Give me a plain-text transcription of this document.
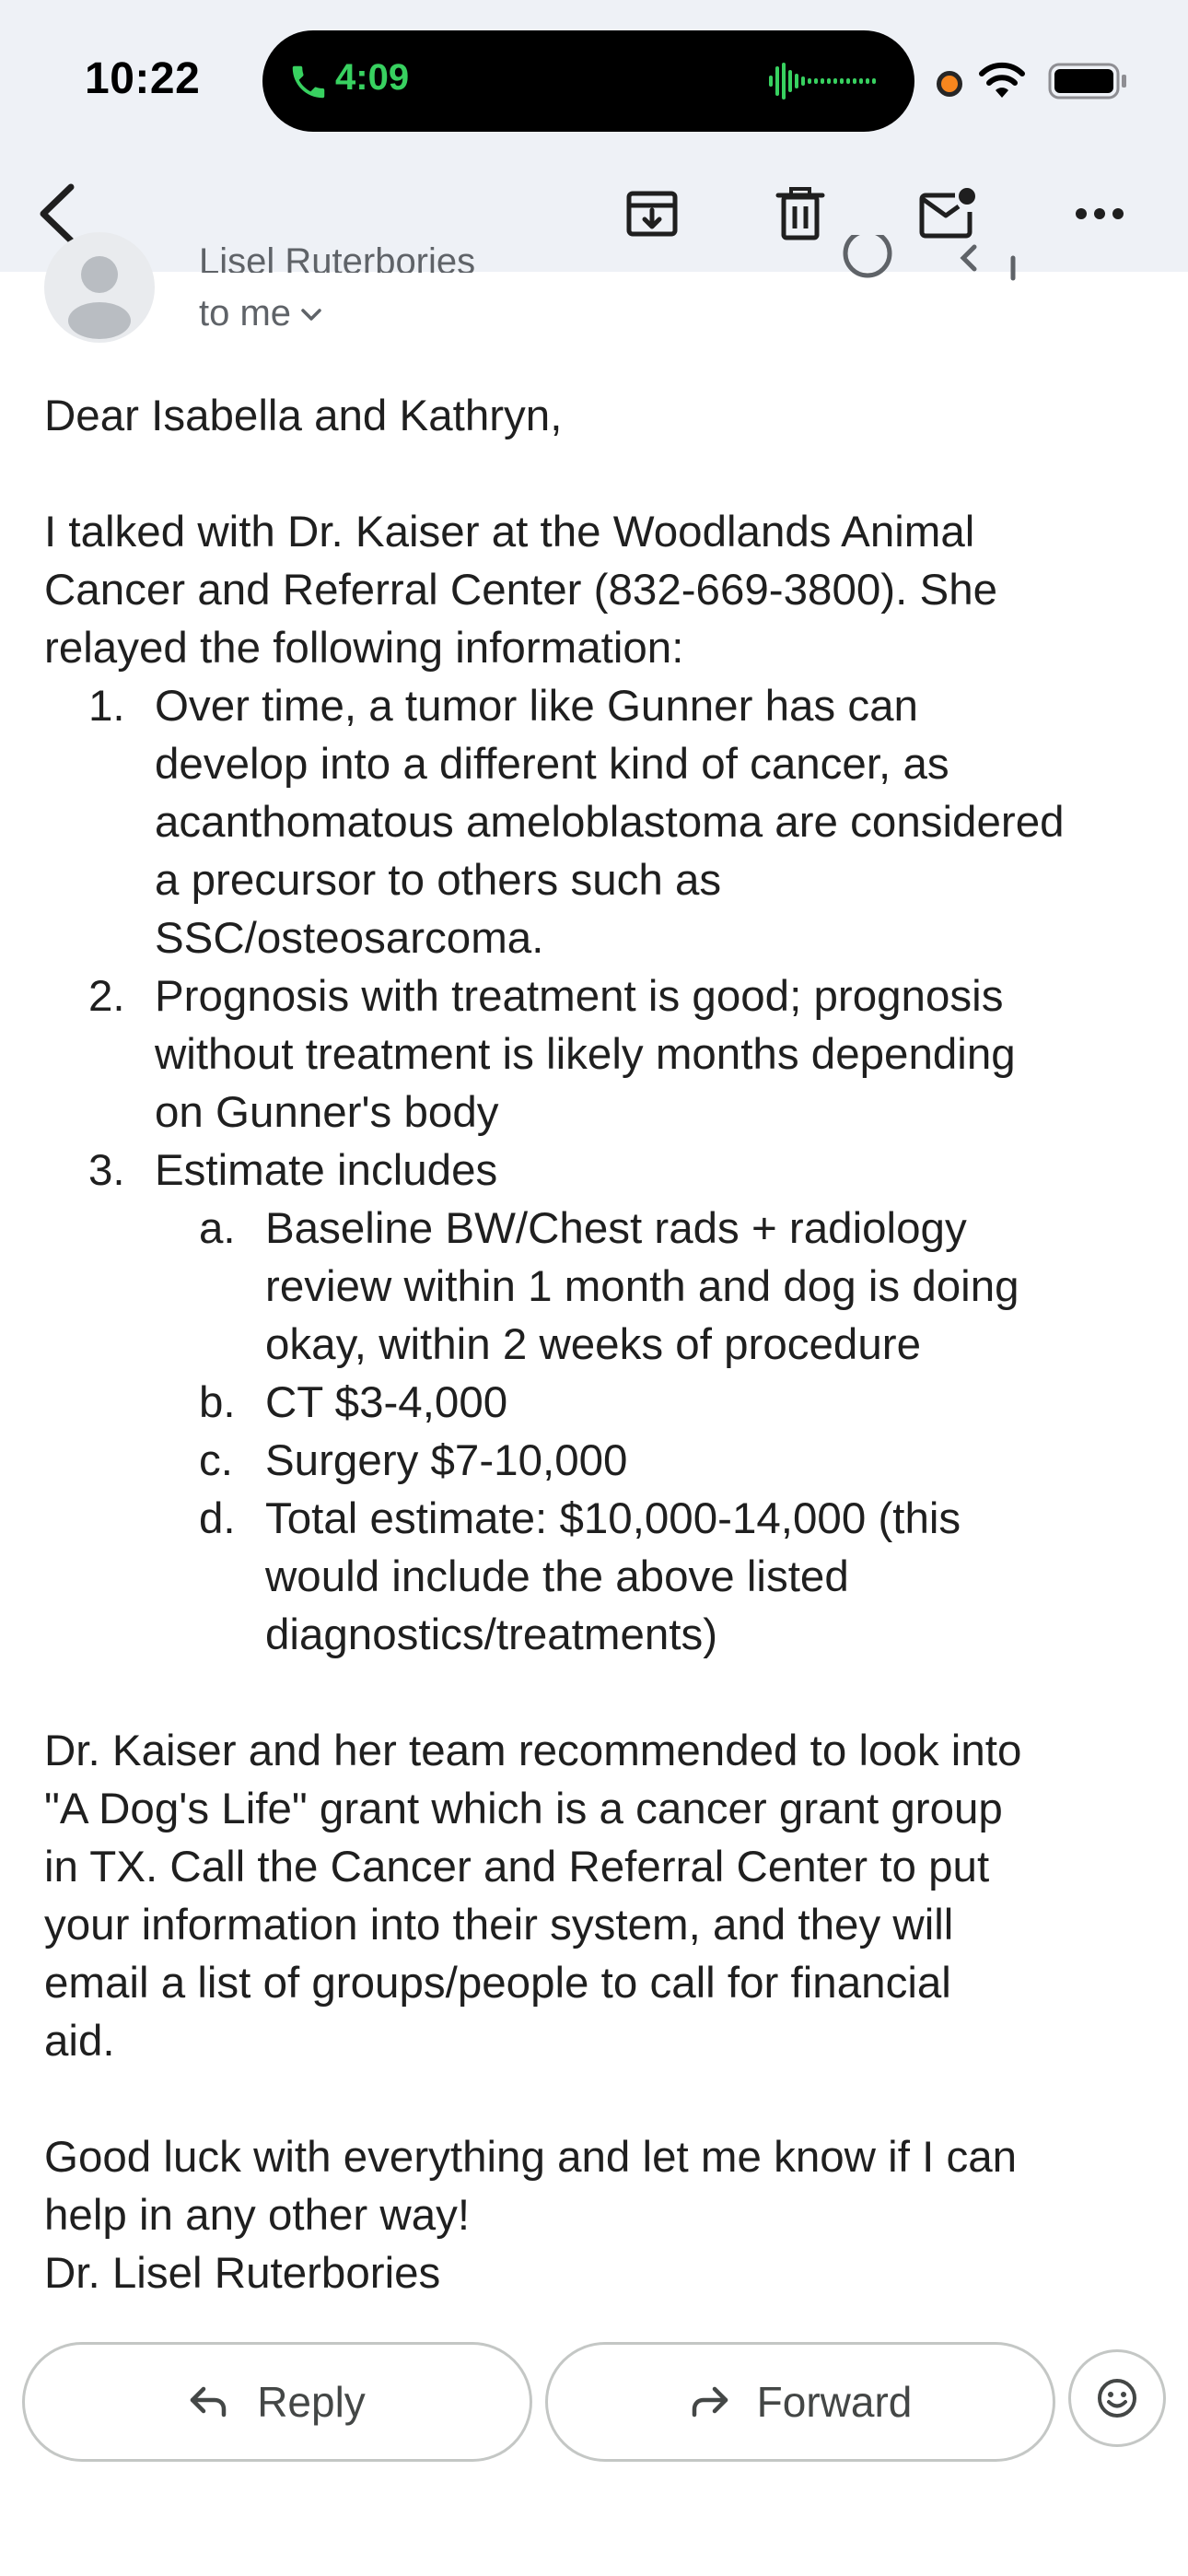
10:22	4:09
Lisel Ruterbories
to me
Dear Isabella and Kathryn,
I talked with Dr. Kaiser at the Woodlands Animal
Cancer and Referral Center (832-669-3800). She
relayed the following information:
1. Over time, a tumor like Gunner has can
develop into a different kind of cancer, as
acanthomatous ameloblastoma are considered
a precursor to others such as
SSC/osteosarcoma.
2. Prognosis with treatment is good; prognosis
without treatment is likely months depending
on Gunner's body
3. Estimate includes
a. Baseline BW/Chest rads + radiology
review within 1 month and dog is doing
okay, within 2 weeks of procedure
b. CT $3-4,000
c. Surgery $7-10,000
d. Total estimate: $10,000-14,000 (this
would include the above listed
diagnostics/treatments)
Dr. Kaiser and her team recommended to look into
"A Dog's Life" grant which is a cancer grant group
in TX. Call the Cancer and Referral Center to put
your information into their system, and they will
email a list of groups/people to call for financial
aid.
Good luck with everything and let me know if I can
help in any other way!
Dr. Lisel Ruterbories
Reply	Forward
